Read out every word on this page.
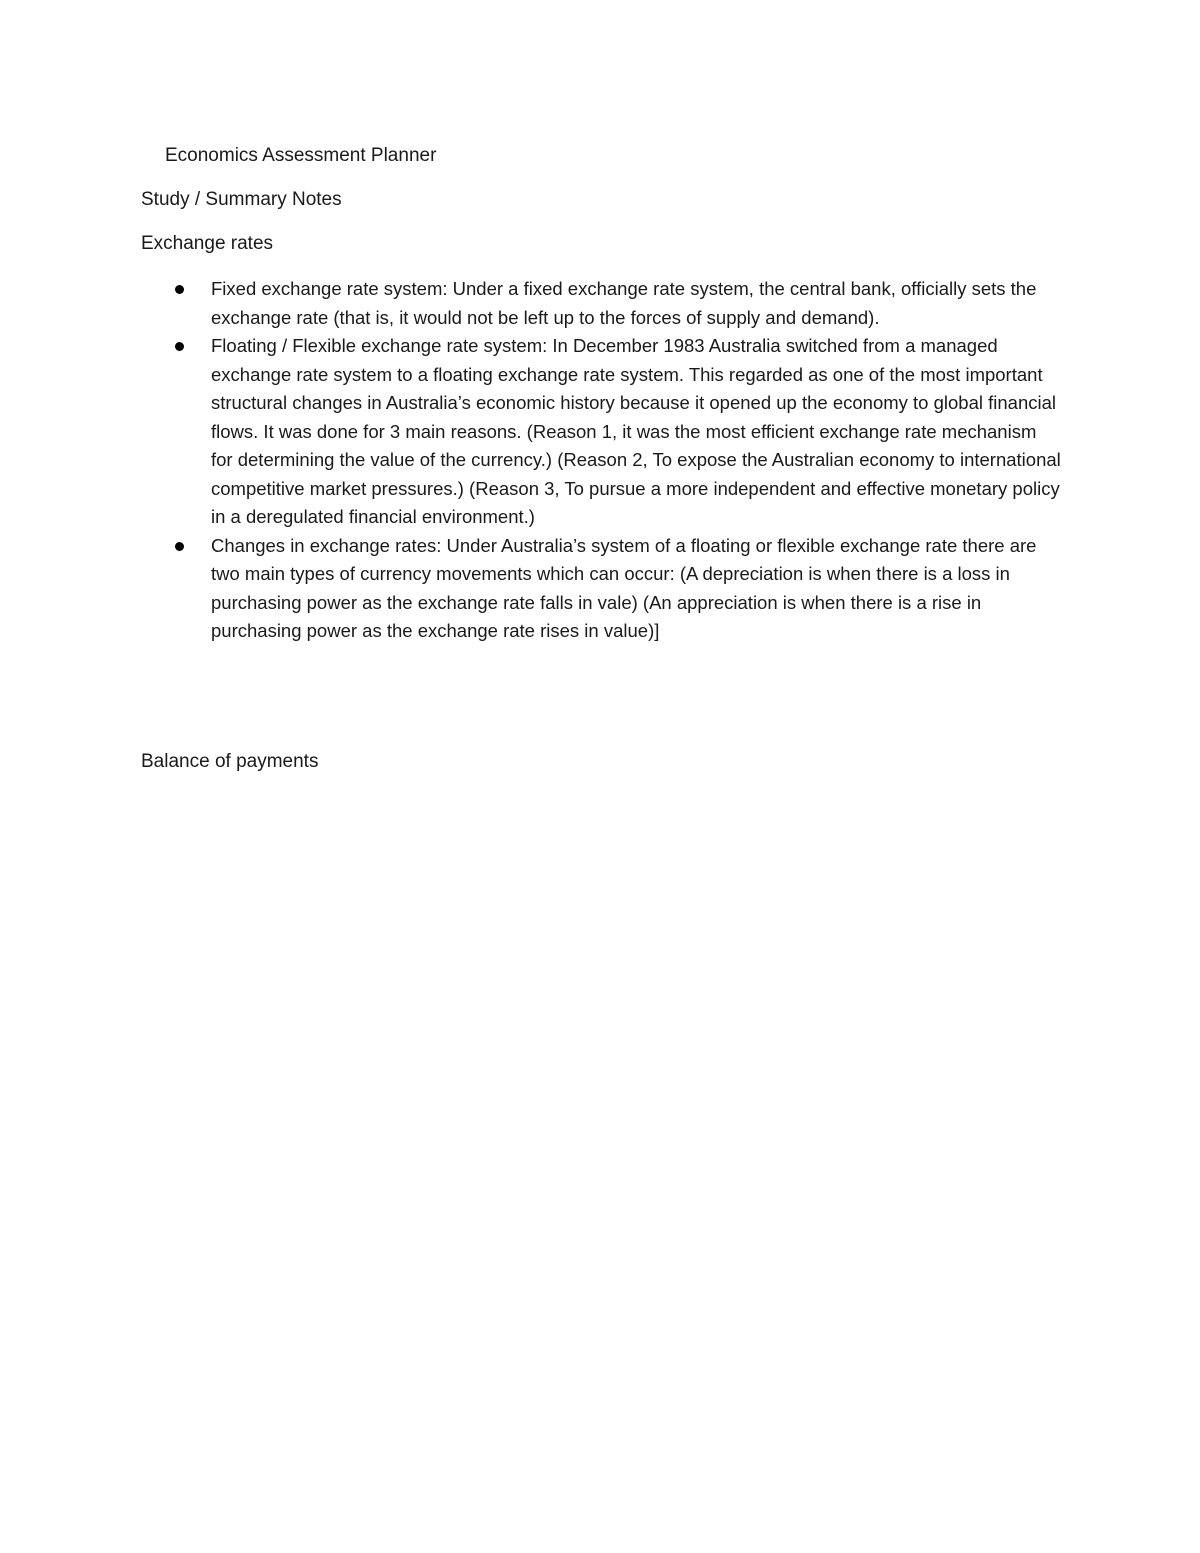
Economics Assessment Planner

Study / Summary Notes

Exchange rates
Fixed exchange rate system: Under a fixed exchange rate system, the central bank, officially sets the exchange rate (that is, it would not be left up to the forces of supply and demand).
Floating / Flexible exchange rate system: In December 1983 Australia switched from a managed exchange rate system to a floating exchange rate system. This regarded as one of the most important structural changes in Australia’s economic history because it opened up the economy to global financial flows. It was done for 3 main reasons. (Reason 1, it was the most efficient exchange rate mechanism for determining the value of the currency.) (Reason 2, To expose the Australian economy to international competitive market pressures.) (Reason 3, To pursue a more independent and effective monetary policy in a deregulated financial environment.)
Changes in exchange rates: Under Australia’s system of a floating or flexible exchange rate there are two main types of currency movements which can occur: (A depreciation is when there is a loss in purchasing power as the exchange rate falls in vale) (An appreciation is when there is a rise in purchasing power as the exchange rate rises in value)]
Balance of payments
